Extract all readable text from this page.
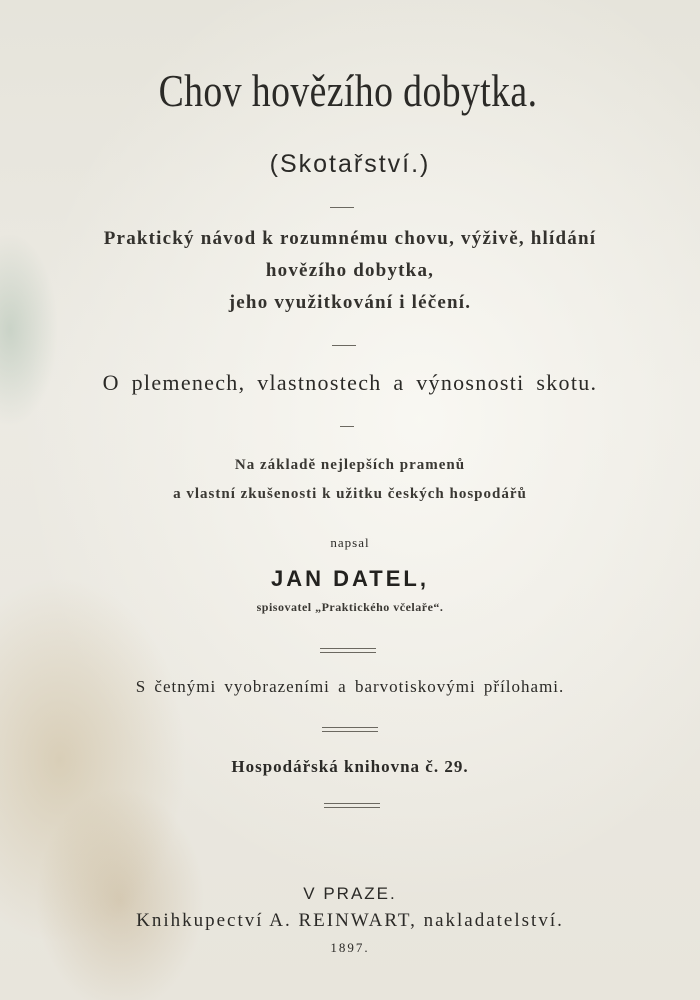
Chov hovězího dobytka.
(Skotařství.)
Praktický návod k rozumnému chovu, výživě, hlídání
hovězího dobytka,
jeho využitkování i léčení.
O plemenech, vlastnostech a výnosnosti skotu.
Na základě nejlepších pramenů
a vlastní zkušenosti k užitku českých hospodářů
napsal
JAN DATEL,
spisovatel „Praktického včelaře“.
S četnými vyobrazeními a barvotiskovými přílohami.
Hospodářská knihovna č. 29.
V PRAZE.
Knihkupectví A. REINWART, nakladatelství.
1897.
